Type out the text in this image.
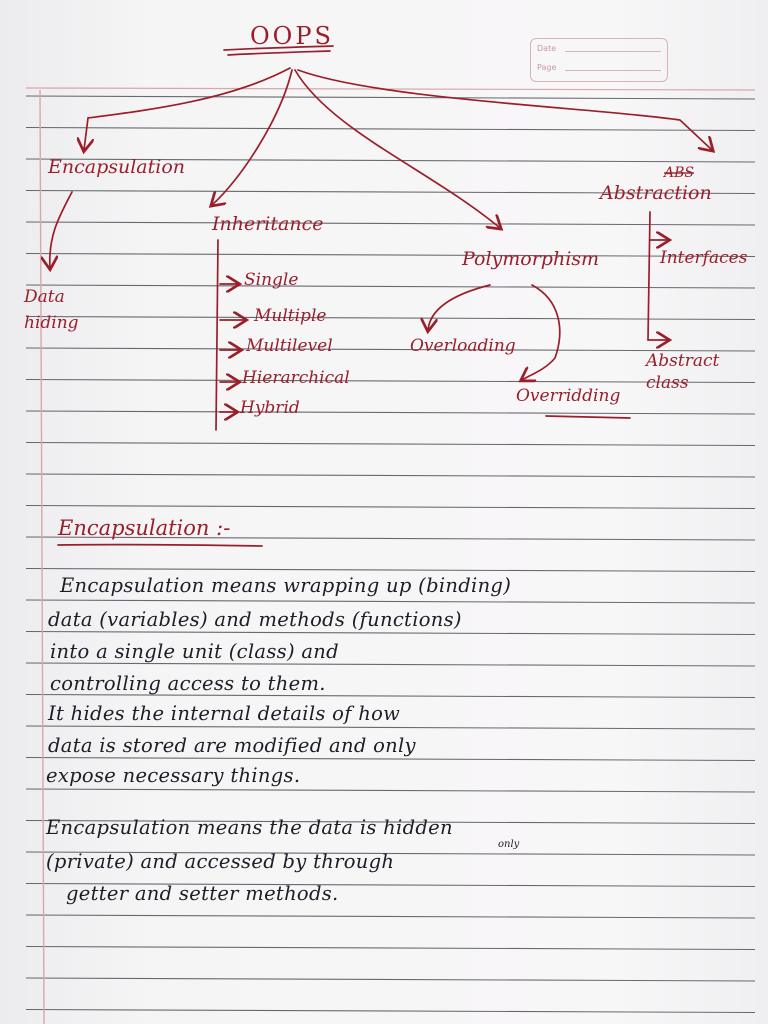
Date
Page
ABS
OOPS
Encapsulation
Data hiding
Inheritance
Single
Multiple
Multilevel
Hierarchical
Hybrid
Polymorphism
Overloading
Overridding
Abstraction
Interfaces
Abstract class
Encapsulation :-
Encapsulation means wrapping up (binding)
data (variables) and methods (functions)
into a single unit (class) and
controlling access to them.
It hides the internal details of how
data is stored are modified and only
expose necessary things.
Encapsulation means the data is hidden
(private) and accessed by through
only
getter and setter methods.
